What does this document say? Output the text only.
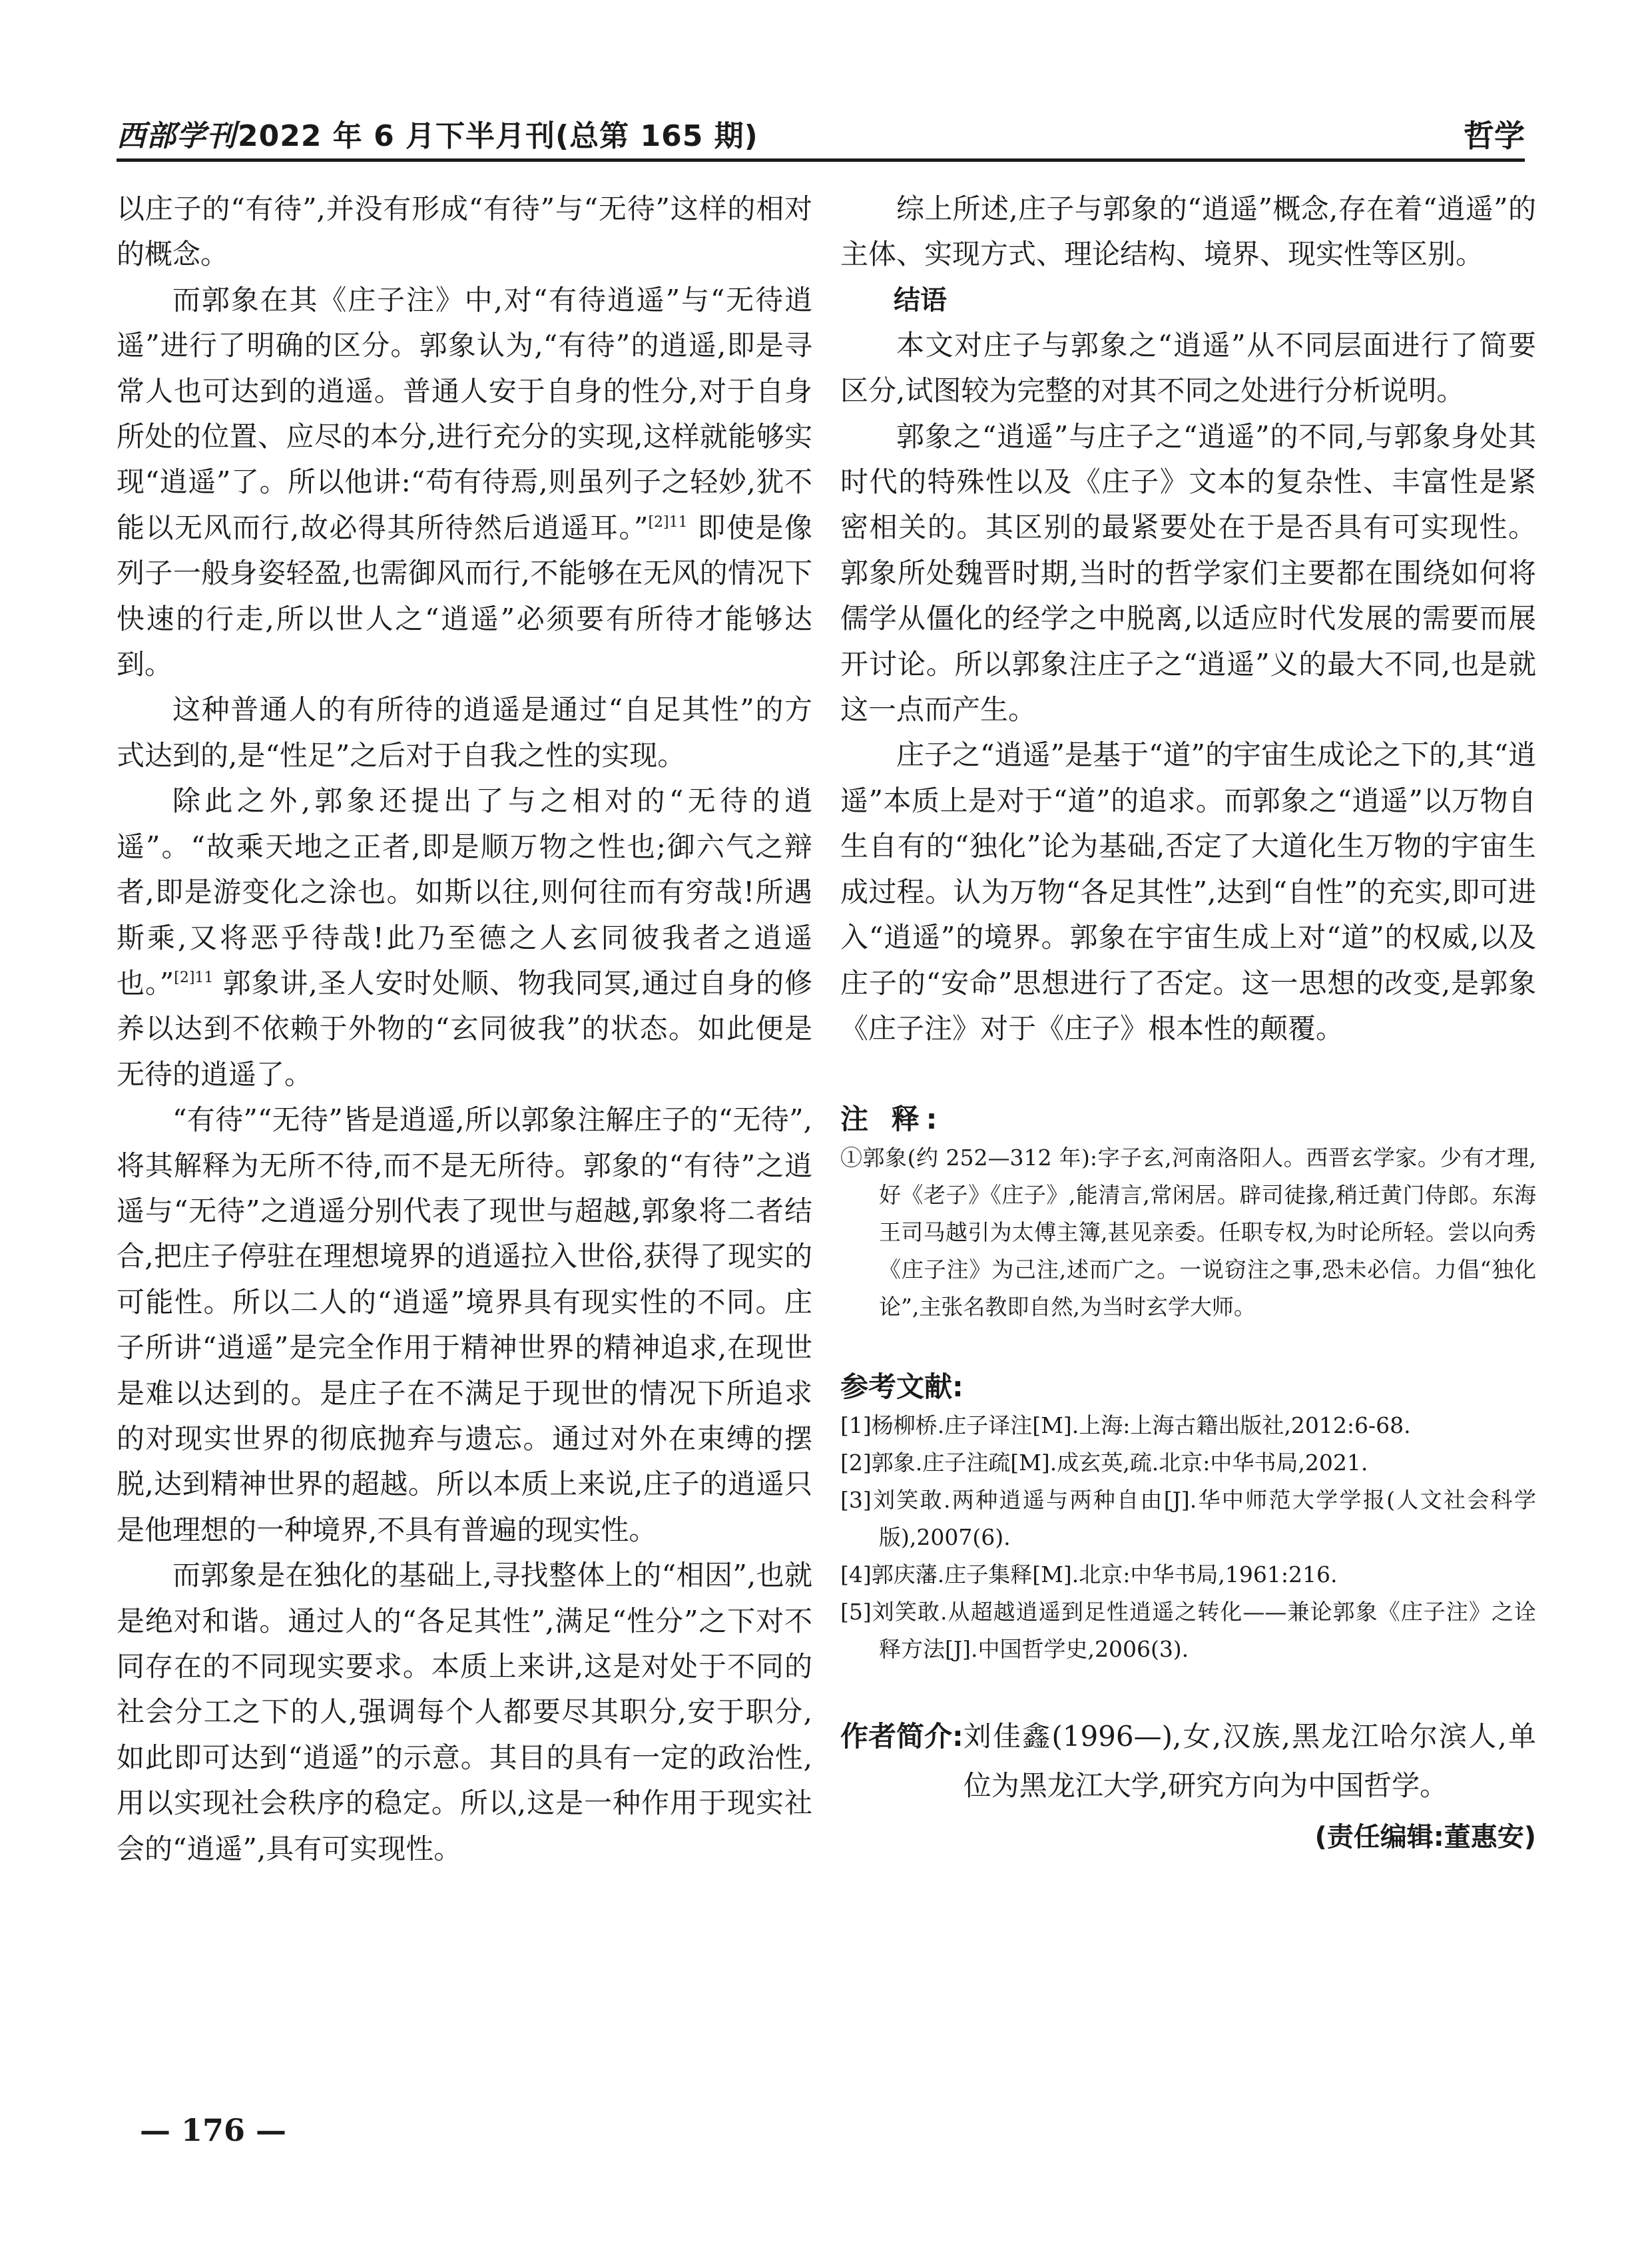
西部学刊2022 年 6 月下半月刊(总第 165 期)	哲学

以庄子的“有待”,并没有形成“有待”与“无待”这样的相对的概念。

而郭象在其《庄子注》中,对“有待逍遥”与“无待逍遥”进行了明确的区分。郭象认为,“有待”的逍遥,即是寻常人也可达到的逍遥。普通人安于自身的性分,对于自身所处的位置、应尽的本分,进行充分的实现,这样就能够实现“逍遥”了。所以他讲:“苟有待焉,则虽列子之轻妙,犹不能以无风而行,故必得其所待然后逍遥耳。”$^{[2]11}$ 即使是像列子一般身姿轻盈,也需御风而行,不能够在无风的情况下快速的行走,所以世人之“逍遥”必须要有所待才能够达到。

这种普通人的有所待的逍遥是通过“自足其性”的方式达到的,是“性足”之后对于自我之性的实现。

除此之外,郭象还提出了与之相对的“无待的逍遥”。“故乘天地之正者,即是顺万物之性也;御六气之辩者,即是游变化之涂也。如斯以往,则何往而有穷哉!所遇斯乘,又将恶乎待哉!此乃至德之人玄同彼我者之逍遥也。”$^{[2]11}$ 郭象讲,圣人安时处顺、物我同冥,通过自身的修养以达到不依赖于外物的“玄同彼我”的状态。如此便是无待的逍遥了。

“有待”“无待”皆是逍遥,所以郭象注解庄子的“无待”,将其解释为无所不待,而不是无所待。郭象的“有待”之逍遥与“无待”之逍遥分别代表了现世与超越,郭象将二者结合,把庄子停驻在理想境界的逍遥拉入世俗,获得了现实的可能性。所以二人的“逍遥”境界具有现实性的不同。庄子所讲“逍遥”是完全作用于精神世界的精神追求,在现世是难以达到的。是庄子在不满足于现世的情况下所追求的对现实世界的彻底抛弃与遗忘。通过对外在束缚的摆脱,达到精神世界的超越。所以本质上来说,庄子的逍遥只是他理想的一种境界,不具有普遍的现实性。

而郭象是在独化的基础上,寻找整体上的“相因”,也就是绝对和谐。通过人的“各足其性”,满足“性分”之下对不同存在的不同现实要求。本质上来讲,这是对处于不同的社会分工之下的人,强调每个人都要尽其职分,安于职分,如此即可达到“逍遥”的示意。其目的具有一定的政治性,用以实现社会秩序的稳定。所以,这是一种作用于现实社会的“逍遥”,具有可实现性。

综上所述,庄子与郭象的“逍遥”概念,存在着“逍遥”的主体、实现方式、理论结构、境界、现实性等区别。

结语

本文对庄子与郭象之“逍遥”从不同层面进行了简要区分,试图较为完整的对其不同之处进行分析说明。

郭象之“逍遥”与庄子之“逍遥”的不同,与郭象身处其时代的特殊性以及《庄子》文本的复杂性、丰富性是紧密相关的。其区别的最紧要处在于是否具有可实现性。郭象所处魏晋时期,当时的哲学家们主要都在围绕如何将儒学从僵化的经学之中脱离,以适应时代发展的需要而展开讨论。所以郭象注庄子之“逍遥”义的最大不同,也是就这一点而产生。

庄子之“逍遥”是基于“道”的宇宙生成论之下的,其“逍遥”本质上是对于“道”的追求。而郭象之“逍遥”以万物自生自有的“独化”论为基础,否定了大道化生万物的宇宙生成过程。认为万物“各足其性”,达到“自性”的充实,即可进入“逍遥”的境界。郭象在宇宙生成上对“道”的权威,以及庄子的“安命”思想进行了否定。这一思想的改变,是郭象《庄子注》对于《庄子》根本性的颠覆。

注 释:

①郭象(约 252—312 年):字子玄,河南洛阳人。西晋玄学家。少有才理,好《老子》《庄子》,能清言,常闲居。辟司徒掾,稍迁黄门侍郎。东海王司马越引为太傅主簿,甚见亲委。任职专权,为时论所轻。尝以向秀《庄子注》为己注,述而广之。一说窃注之事,恐未必信。力倡“独化论”,主张名教即自然,为当时玄学大师。

参考文献:

[1]杨柳桥.庄子译注[M].上海:上海古籍出版社,2012:6-68.

[2]郭象.庄子注疏[M].成玄英,疏.北京:中华书局,2021.

[3]刘笑敢.两种逍遥与两种自由[J].华中师范大学学报(人文社会科学版),2007(6).

[4]郭庆藩.庄子集释[M].北京:中华书局,1961:216.

[5]刘笑敢.从超越逍遥到足性逍遥之转化——兼论郭象《庄子注》之诠释方法[J].中国哲学史,2006(3).

作者简介: 刘佳鑫(1996—),女,汉族,黑龙江哈尔滨人,单位为黑龙江大学,研究方向为中国哲学。
(责任编辑:董惠安)
— 176 —
